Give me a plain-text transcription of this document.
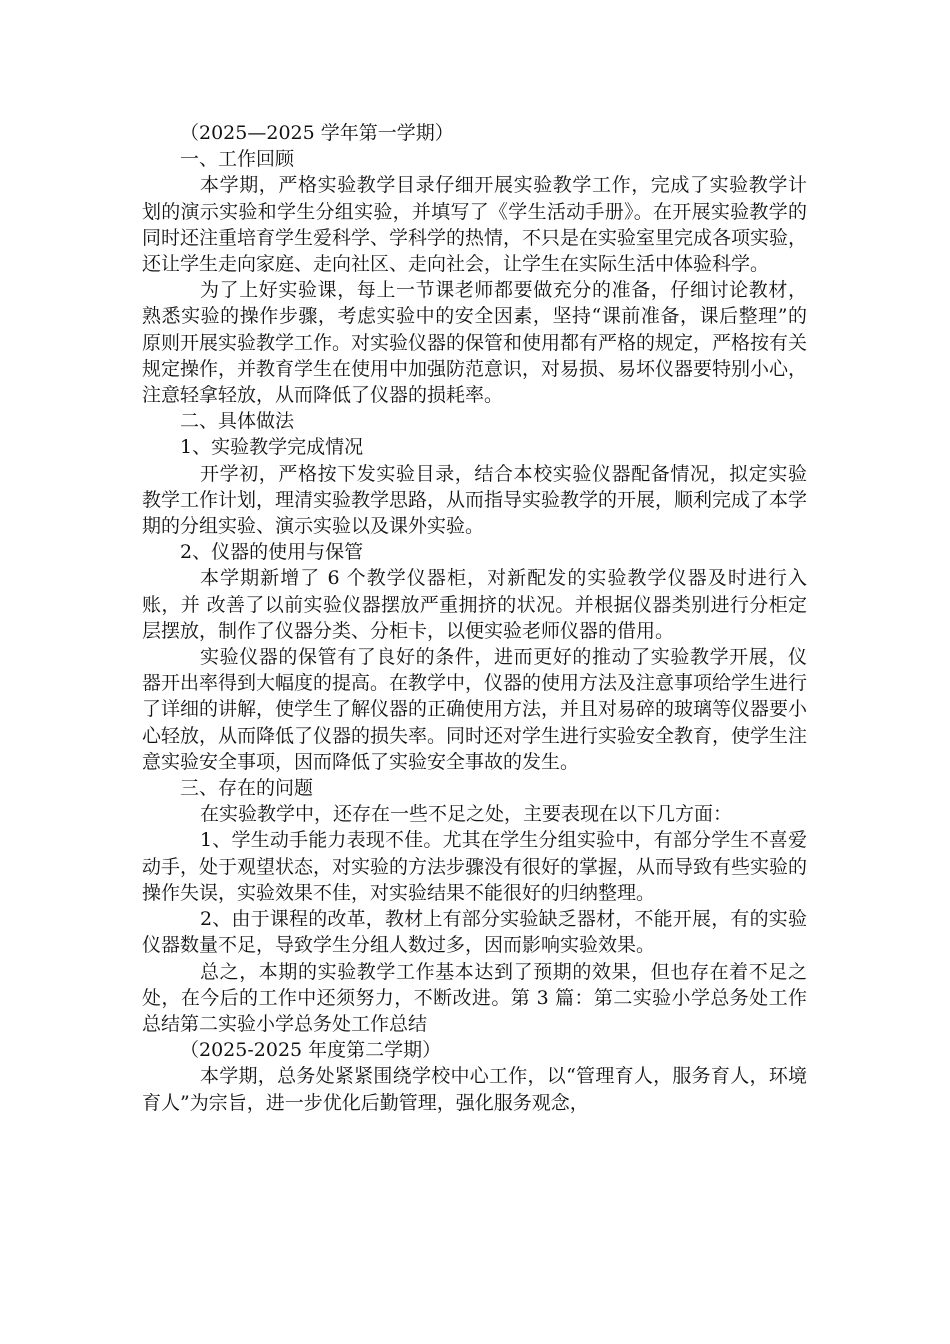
（2025—2025 学年第一学期）

一、工作回顾

本学期，严格实验教学目录仔细开展实验教学工作，完成了实验教学计划的演示实验和学生分组实验，并填写了《学生活动手册》。在开展实验教学的同时还注重培育学生爱科学、学科学的热情，不只是在实验室里完成各项实验，还让学生走向家庭、走向社区、走向社会，让学生在实际生活中体验科学。

为了上好实验课，每上一节课老师都要做充分的准备，仔细讨论教材，熟悉实验的操作步骤，考虑实验中的安全因素，坚持“课前准备，课后整理”的原则开展实验教学工作。对实验仪器的保管和使用都有严格的规定，严格按有关规定操作，并教育学生在使用中加强防范意识，对易损、易坏仪器要特别小心，注意轻拿轻放，从而降低了仪器的损耗率。

二、具体做法

1、实验教学完成情况

开学初，严格按下发实验目录，结合本校实验仪器配备情况，拟定实验教学工作计划，理清实验教学思路，从而指导实验教学的开展，顺利完成了本学期的分组实验、演示实验以及课外实验。

2、仪器的使用与保管

本学期新增了 6 个教学仪器柜，对新配发的实验教学仪器及时进行入账，并 改善了以前实验仪器摆放严重拥挤的状况。并根据仪器类别进行分柜定层摆放，制作了仪器分类、分柜卡，以便实验老师仪器的借用。

实验仪器的保管有了良好的条件，进而更好的推动了实验教学开展，仪器开出率得到大幅度的提高。在教学中，仪器的使用方法及注意事项给学生进行了详细的讲解，使学生了解仪器的正确使用方法，并且对易碎的玻璃等仪器要小心轻放，从而降低了仪器的损失率。同时还对学生进行实验安全教育，使学生注意实验安全事项，因而降低了实验安全事故的发生。

三、存在的问题

在实验教学中，还存在一些不足之处，主要表现在以下几方面：

1、学生动手能力表现不佳。尤其在学生分组实验中，有部分学生不喜爱动手，处于观望状态，对实验的方法步骤没有很好的掌握，从而导致有些实验的操作失误，实验效果不佳，对实验结果不能很好的归纳整理。

2、由于课程的改革，教材上有部分实验缺乏器材，不能开展，有的实验仪器数量不足，导致学生分组人数过多，因而影响实验效果。

总之，本期的实验教学工作基本达到了预期的效果，但也存在着不足之处，在今后的工作中还须努力，不断改进。第 3 篇：第二实验小学总务处工作总结第二实验小学总务处工作总结

（2025-2025 年度第二学期）

本学期，总务处紧紧围绕学校中心工作，以“管理育人，服务育人，环境育人”为宗旨，进一步优化后勤管理，强化服务观念，
